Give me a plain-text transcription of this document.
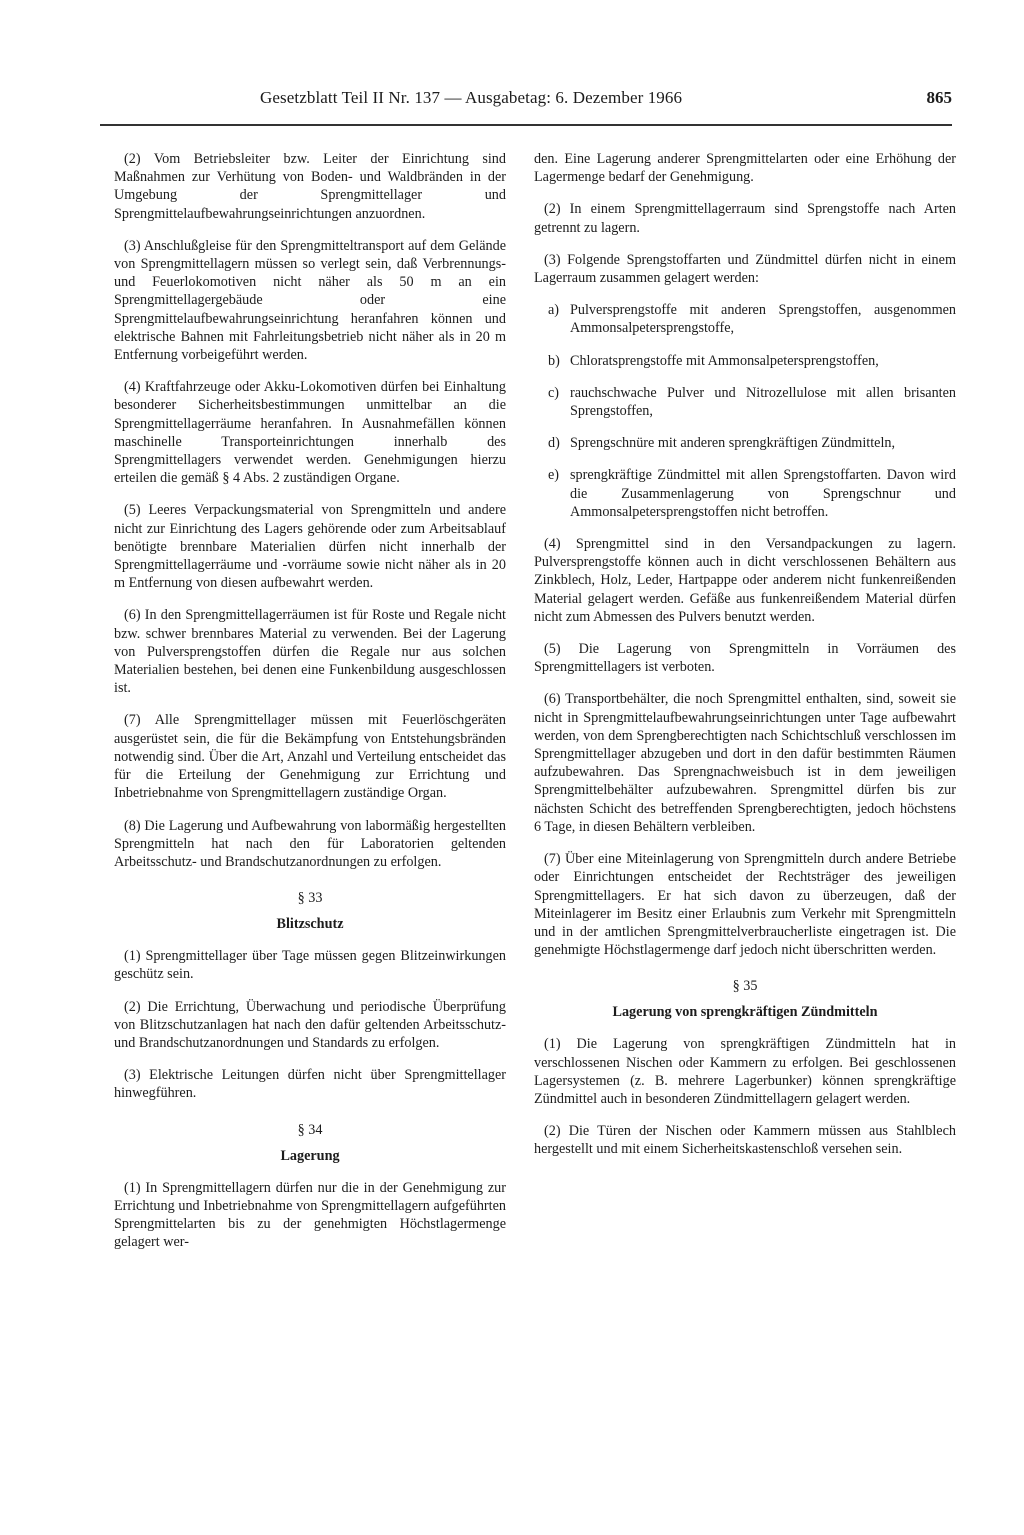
Gesetzblatt Teil II Nr. 137 — Ausgabetag: 6. Dezember 1966	865

(2) Vom Betriebsleiter bzw. Leiter der Einrichtung sind Maßnahmen zur Verhütung von Boden- und Waldbränden in der Umgebung der Sprengmittellager und Sprengmittelaufbewahrungseinrichtungen anzuordnen.

(3) Anschlußgleise für den Sprengmitteltransport auf dem Gelände von Sprengmittellagern müssen so verlegt sein, daß Verbrennungs- und Feuerlokomotiven nicht näher als 50 m an ein Sprengmittellagergebäude oder eine Sprengmittelaufbewahrungseinrichtung heranfahren können und elektrische Bahnen mit Fahrleitungsbetrieb nicht näher als in 20 m Entfernung vorbeigeführt werden.

(4) Kraftfahrzeuge oder Akku-Lokomotiven dürfen bei Einhaltung besonderer Sicherheitsbestimmungen unmittelbar an die Sprengmittellagerräume heranfahren. In Ausnahmefällen können maschinelle Transporteinrichtungen innerhalb des Sprengmittellagers verwendet werden. Genehmigungen hierzu erteilen die gemäß § 4 Abs. 2 zuständigen Organe.

(5) Leeres Verpackungsmaterial von Sprengmitteln und andere nicht zur Einrichtung des Lagers gehörende oder zum Arbeitsablauf benötigte brennbare Materialien dürfen nicht innerhalb der Sprengmittellagerräume und -vorräume sowie nicht näher als in 20 m Entfernung von diesen aufbewahrt werden.

(6) In den Sprengmittellagerräumen ist für Roste und Regale nicht bzw. schwer brennbares Material zu verwenden. Bei der Lagerung von Pulversprengstoffen dürfen die Regale nur aus solchen Materialien bestehen, bei denen eine Funkenbildung ausgeschlossen ist.

(7) Alle Sprengmittellager müssen mit Feuerlöschgeräten ausgerüstet sein, die für die Bekämpfung von Entstehungsbränden notwendig sind. Über die Art, Anzahl und Verteilung entscheidet das für die Erteilung der Genehmigung zur Errichtung und Inbetriebnahme von Sprengmittellagern zuständige Organ.

(8) Die Lagerung und Aufbewahrung von labormäßig hergestellten Sprengmitteln hat nach den für Laboratorien geltenden Arbeitsschutz- und Brandschutzanordnungen zu erfolgen.

§ 33
Blitzschutz

(1) Sprengmittellager über Tage müssen gegen Blitzeinwirkungen geschütz sein.

(2) Die Errichtung, Überwachung und periodische Überprüfung von Blitzschutzanlagen hat nach den dafür geltenden Arbeitsschutz- und Brandschutzanordnungen und Standards zu erfolgen.

(3) Elektrische Leitungen dürfen nicht über Sprengmittellager hinwegführen.

§ 34
Lagerung

(1) In Sprengmittellagern dürfen nur die in der Genehmigung zur Errichtung und Inbetriebnahme von Sprengmittellagern aufgeführten Sprengmittelarten bis zu der genehmigten Höchstlagermenge gelagert wer-

den. Eine Lagerung anderer Sprengmittelarten oder eine Erhöhung der Lagermenge bedarf der Genehmigung.

(2) In einem Sprengmittellagerraum sind Sprengstoffe nach Arten getrennt zu lagern.

(3) Folgende Sprengstoffarten und Zündmittel dürfen nicht in einem Lagerraum zusammen gelagert werden:

a) Pulversprengstoffe mit anderen Sprengstoffen, ausgenommen Ammonsalpetersprengstoffe,
b) Chloratsprengstoffe mit Ammonsalpetersprengstoffen,
c) rauchschwache Pulver und Nitrozellulose mit allen brisanten Sprengstoffen,
d) Sprengschnüre mit anderen sprengkräftigen Zündmitteln,
e) sprengkräftige Zündmittel mit allen Sprengstoffarten. Davon wird die Zusammenlagerung von Sprengschnur und Ammonsalpetersprengstoffen nicht betroffen.

(4) Sprengmittel sind in den Versandpackungen zu lagern. Pulversprengstoffe können auch in dicht verschlossenen Behältern aus Zinkblech, Holz, Leder, Hartpappe oder anderem nicht funkenreißenden Material gelagert werden. Gefäße aus funkenreißendem Material dürfen nicht zum Abmessen des Pulvers benutzt werden.

(5) Die Lagerung von Sprengmitteln in Vorräumen des Sprengmittellagers ist verboten.

(6) Transportbehälter, die noch Sprengmittel enthalten, sind, soweit sie nicht in Sprengmittelaufbewahrungseinrichtungen unter Tage aufbewahrt werden, von dem Sprengberechtigten nach Schichtschluß verschlossen im Sprengmittellager abzugeben und dort in den dafür bestimmten Räumen aufzubewahren. Das Sprengnachweisbuch ist in dem jeweiligen Sprengmittelbehälter aufzubewahren. Sprengmittel dürfen bis zur nächsten Schicht des betreffenden Sprengberechtigten, jedoch höchstens 6 Tage, in diesen Behältern verbleiben.

(7) Über eine Miteinlagerung von Sprengmitteln durch andere Betriebe oder Einrichtungen entscheidet der Rechtsträger des jeweiligen Sprengmittellagers. Er hat sich davon zu überzeugen, daß der Miteinlagerer im Besitz einer Erlaubnis zum Verkehr mit Sprengmitteln und in der amtlichen Sprengmittelverbraucherliste eingetragen ist. Die genehmigte Höchstlagermenge darf jedoch nicht überschritten werden.

§ 35
Lagerung von sprengkräftigen Zündmitteln

(1) Die Lagerung von sprengkräftigen Zündmitteln hat in verschlossenen Nischen oder Kammern zu erfolgen. Bei geschlossenen Lagersystemen (z. B. mehrere Lagerbunker) können sprengkräftige Zündmittel auch in besonderen Zündmittellagern gelagert werden.

(2) Die Türen der Nischen oder Kammern müssen aus Stahlblech hergestellt und mit einem Sicherheitskastenschloß versehen sein.
